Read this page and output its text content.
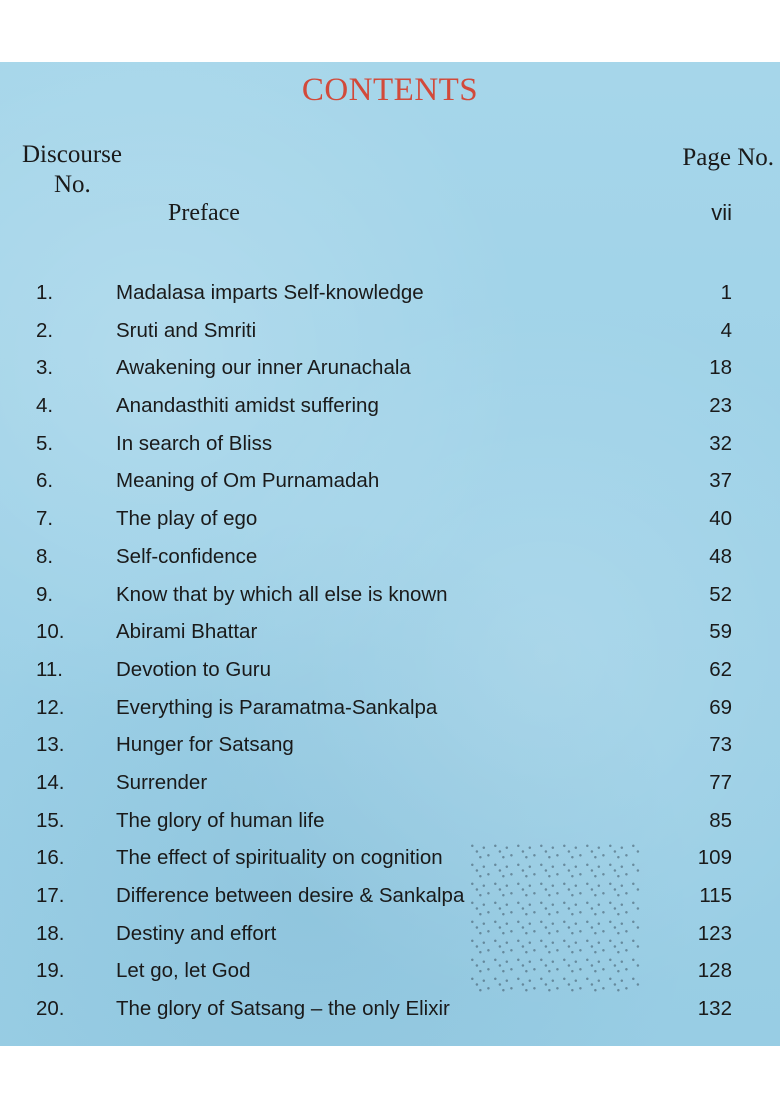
CONTENTS
Discourse
No.
Page No.
Preface	vii
1.	Madalasa imparts Self-knowledge	1
2.	Sruti and Smriti	4
3.	Awakening our inner Arunachala	18
4.	Anandasthiti amidst suffering	23
5.	In search of Bliss	32
6.	Meaning of Om Purnamadah	37
7.	The play of ego	40
8.	Self-confidence	48
9.	Know that by which all else is known	52
10.	Abirami Bhattar	59
11.	Devotion to Guru	62
12.	Everything is Paramatma-Sankalpa	69
13.	Hunger for Satsang	73
14.	Surrender	77
15.	The glory of human life	85
16.	The effect of spirituality on cognition	109
17.	Difference between desire & Sankalpa	115
18.	Destiny and effort	123
19.	Let go, let God	128
20.	The glory of Satsang – the only Elixir	132
